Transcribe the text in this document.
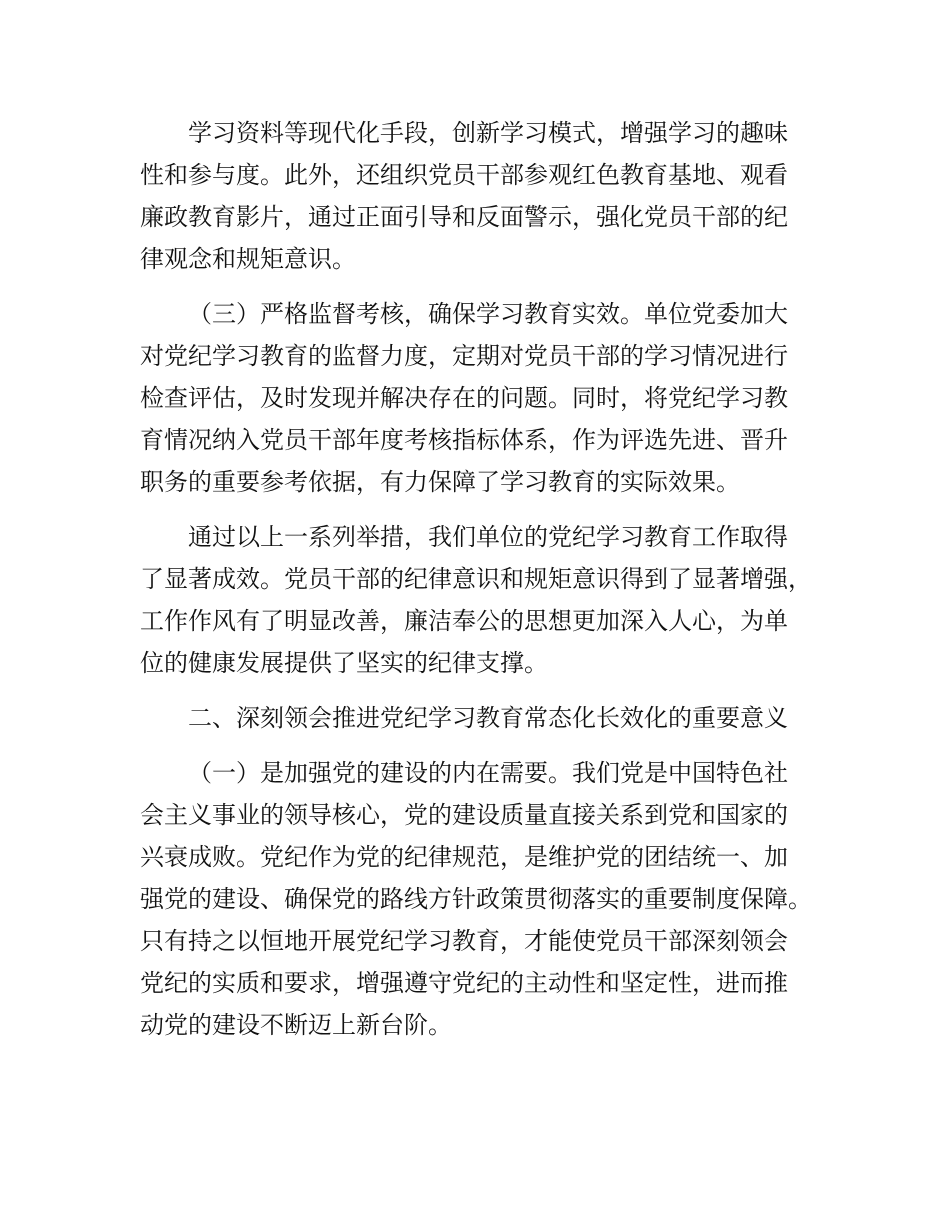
学习资料等现代化手段，创新学习模式，增强学习的趣味
性和参与度。此外，还组织党员干部参观红色教育基地、观看
廉政教育影片，通过正面引导和反面警示，强化党员干部的纪
律观念和规矩意识。
（三）严格监督考核，确保学习教育实效。单位党委加大
对党纪学习教育的监督力度，定期对党员干部的学习情况进行
检查评估，及时发现并解决存在的问题。同时，将党纪学习教
育情况纳入党员干部年度考核指标体系，作为评选先进、晋升
职务的重要参考依据，有力保障了学习教育的实际效果。
通过以上一系列举措，我们单位的党纪学习教育工作取得
了显著成效。党员干部的纪律意识和规矩意识得到了显著增强，
工作作风有了明显改善，廉洁奉公的思想更加深入人心，为单
位的健康发展提供了坚实的纪律支撑。
二、深刻领会推进党纪学习教育常态化长效化的重要意义
（一）是加强党的建设的内在需要。我们党是中国特色社
会主义事业的领导核心，党的建设质量直接关系到党和国家的
兴衰成败。党纪作为党的纪律规范，是维护党的团结统一、加
强党的建设、确保党的路线方针政策贯彻落实的重要制度保障。
只有持之以恒地开展党纪学习教育，才能使党员干部深刻领会
党纪的实质和要求，增强遵守党纪的主动性和坚定性，进而推
动党的建设不断迈上新台阶。
